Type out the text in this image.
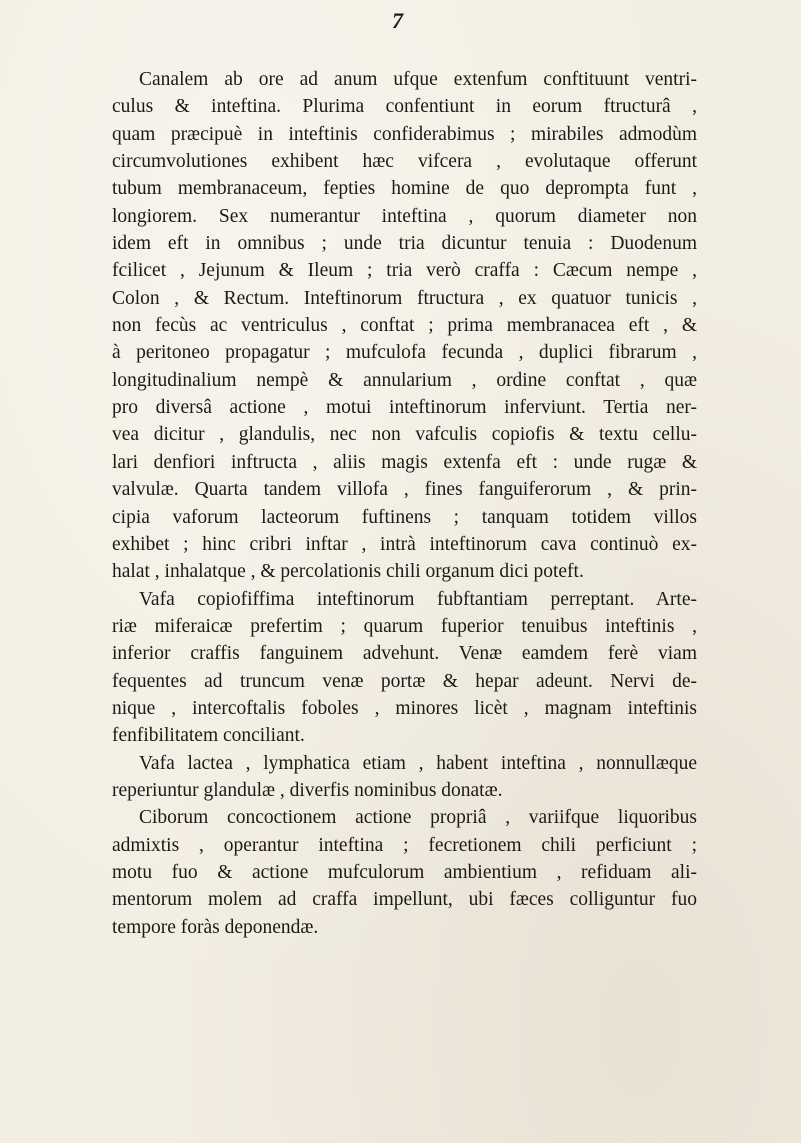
7
Canalem ab ore ad anum ufque extenfum conftituunt ventri-
culus & inteftina. Plurima confentiunt in eorum ftructurâ ,
quam præcipuè in inteftinis confiderabimus ; mirabiles admodùm
circumvolutiones exhibent hæc vifcera , evolutaque offerunt
tubum membranaceum, fepties homine de quo deprompta funt ,
longiorem. Sex numerantur inteftina , quorum diameter non
idem eft in omnibus ; unde tria dicuntur tenuia : Duodenum
fcilicet , Jejunum & Ileum ; tria verò craffa : Cæcum nempe ,
Colon , & Rectum. Inteftinorum ftructura , ex quatuor tunicis ,
non fecùs ac ventriculus , conftat ; prima membranacea eft , &
à peritoneo propagatur ; mufculofa fecunda , duplici fibrarum ,
longitudinalium nempè & annularium , ordine conftat , quæ
pro diversâ actione , motui inteftinorum inferviunt. Tertia ner-
vea dicitur , glandulis, nec non vafculis copiofis & textu cellu-
lari denfiori inftructa , aliis magis extenfa eft : unde rugæ &
valvulæ. Quarta tandem villofa , fines fanguiferorum , & prin-
cipia vaforum lacteorum fuftinens ; tanquam totidem villos
exhibet ; hinc cribri inftar , intrà inteftinorum cava continuò ex-
halat , inhalatque , & percolationis chili organum dici poteft.
Vafa copiofiffima inteftinorum fubftantiam perreptant. Arte-
riæ miferaicæ prefertim ; quarum fuperior tenuibus inteftinis ,
inferior craffis fanguinem advehunt. Venæ eamdem ferè viam
fequentes ad truncum venæ portæ & hepar adeunt. Nervi de-
nique , intercoftalis foboles , minores licèt , magnam inteftinis
fenfibilitatem conciliant.
Vafa lactea , lymphatica etiam , habent inteftina , nonnullæque
reperiuntur glandulæ , diverfis nominibus donatæ.
Ciborum concoctionem actione propriâ , variifque liquoribus
admixtis , operantur inteftina ; fecretionem chili perficiunt ;
motu fuo & actione mufculorum ambientium , refiduam ali-
mentorum molem ad craffa impellunt, ubi fæces colliguntur fuo
tempore foràs deponendæ.
